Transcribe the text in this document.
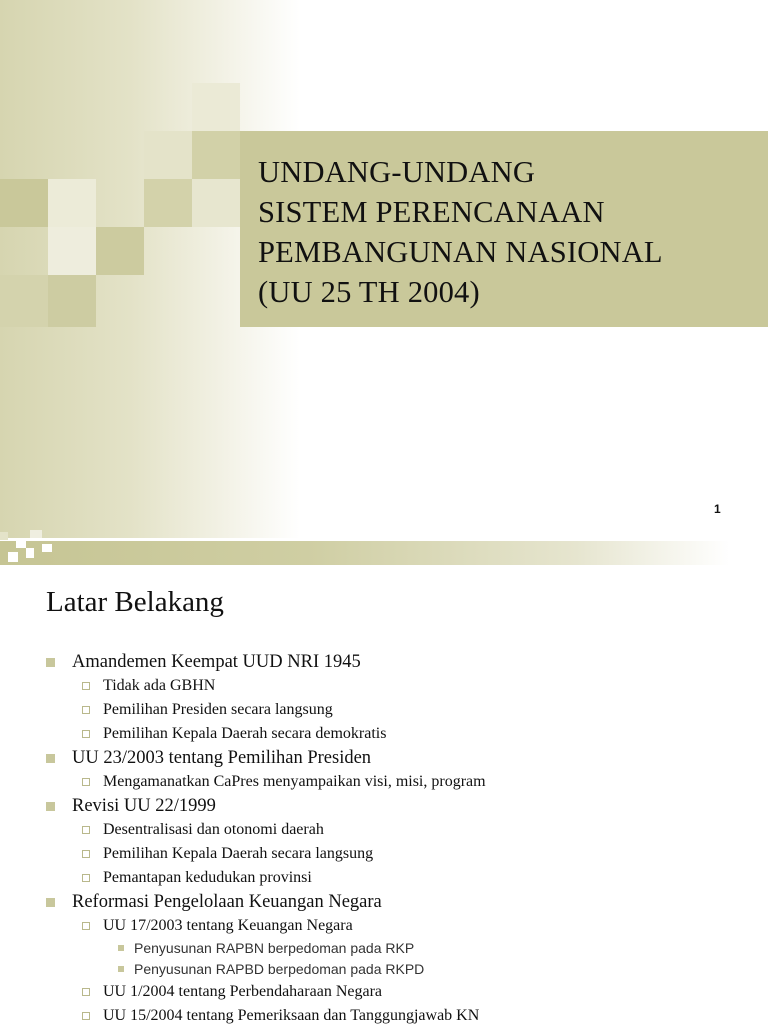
UNDANG-UNDANG
SISTEM PERENCANAAN
PEMBANGUNAN NASIONAL
(UU 25 TH 2004)
1
Latar Belakang
Amandemen Keempat UUD NRI 1945
Tidak ada GBHN
Pemilihan Presiden secara langsung
Pemilihan Kepala Daerah secara demokratis
UU 23/2003 tentang Pemilihan Presiden
Mengamanatkan CaPres menyampaikan visi, misi, program
Revisi UU 22/1999
Desentralisasi dan otonomi daerah
Pemilihan Kepala Daerah secara langsung
Pemantapan kedudukan provinsi
Reformasi Pengelolaan Keuangan Negara
UU 17/2003 tentang Keuangan Negara
Penyusunan RAPBN berpedoman pada RKP
Penyusunan RAPBD berpedoman pada RKPD
UU 1/2004 tentang Perbendaharaan Negara
UU 15/2004 tentang Pemeriksaan dan Tanggungjawab KN
